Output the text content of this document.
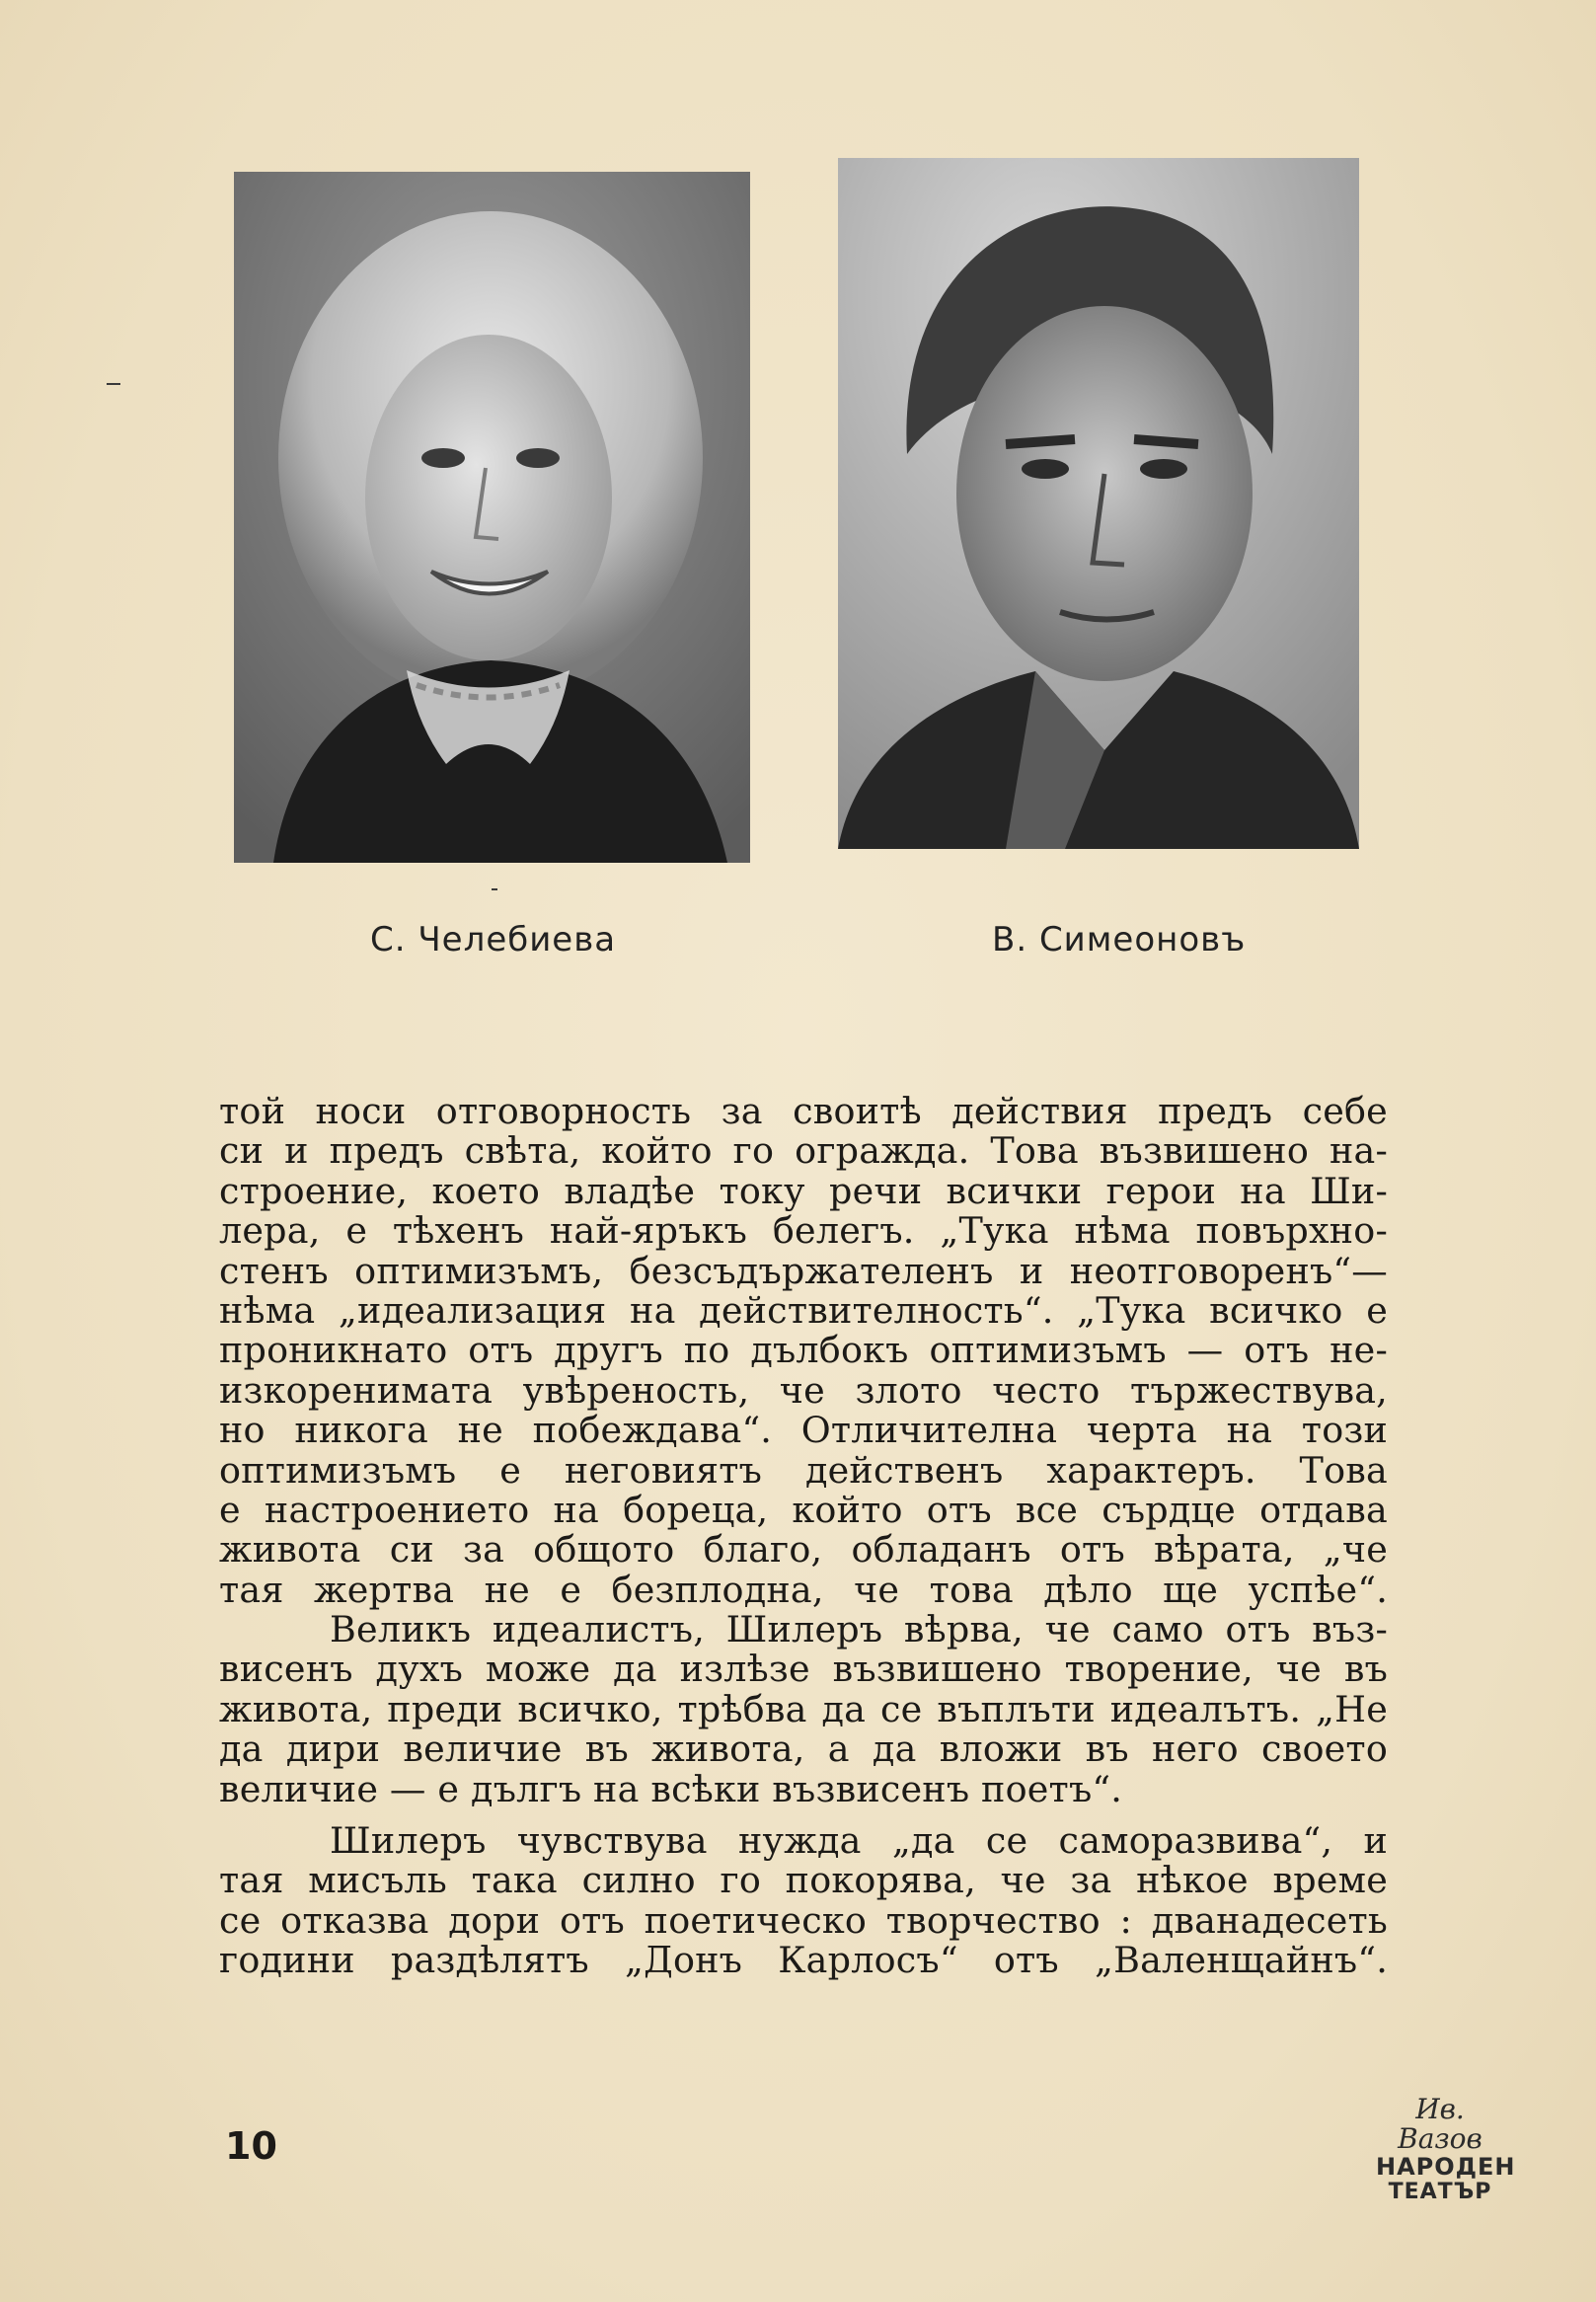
С. Челебиева	В. Симеоновъ
той носи отговорность за своитѣ действия предъ себе
си и предъ свѣта, който го огражда. Това възвишено на-
строение, което владѣе току речи всички герои на Ши-
лера, е тѣхенъ най-яръкъ белегъ. „Тука нѣма повърхно-
стенъ оптимизъмъ, безсъдържателенъ и неотговоренъ“—
нѣма „идеализация на действителность“. „Тука всичко е
проникнато отъ другъ по дълбокъ оптимизъмъ — отъ не-
изкоренимата увѣреность, че злото често тържествува,
но никога не побеждава“. Отличителна черта на този
оптимизъмъ е неговиятъ действенъ характеръ. Това
е настроението на бореца, който отъ все сърдце отдава
живота си за общото благо, обладанъ отъ вѣрата, „че
тая жертва не е безплодна, че това дѣло ще успѣе“.
Великъ идеалистъ, Шилеръ вѣрва, че само отъ въз-
висенъ духъ може да излѣзе възвишено творение, че въ
живота, преди всичко, трѣбва да се въплъти идеалътъ. „Не
да дири величие въ живота, а да вложи въ него своето
величие — е дългъ на всѣки възвисенъ поетъ“.
Шилеръ чувствува нужда „да се саморазвива“, и
тая мисъль така силно го покорява, че за нѣкое време
се отказва дори отъ поетическо творчество : дванадесеть
години раздѣлятъ „Донъ Карлосъ“ отъ „Валенщайнъ“.
10
Ив. Вазов
НАРОДЕН
ТЕАТЪР
